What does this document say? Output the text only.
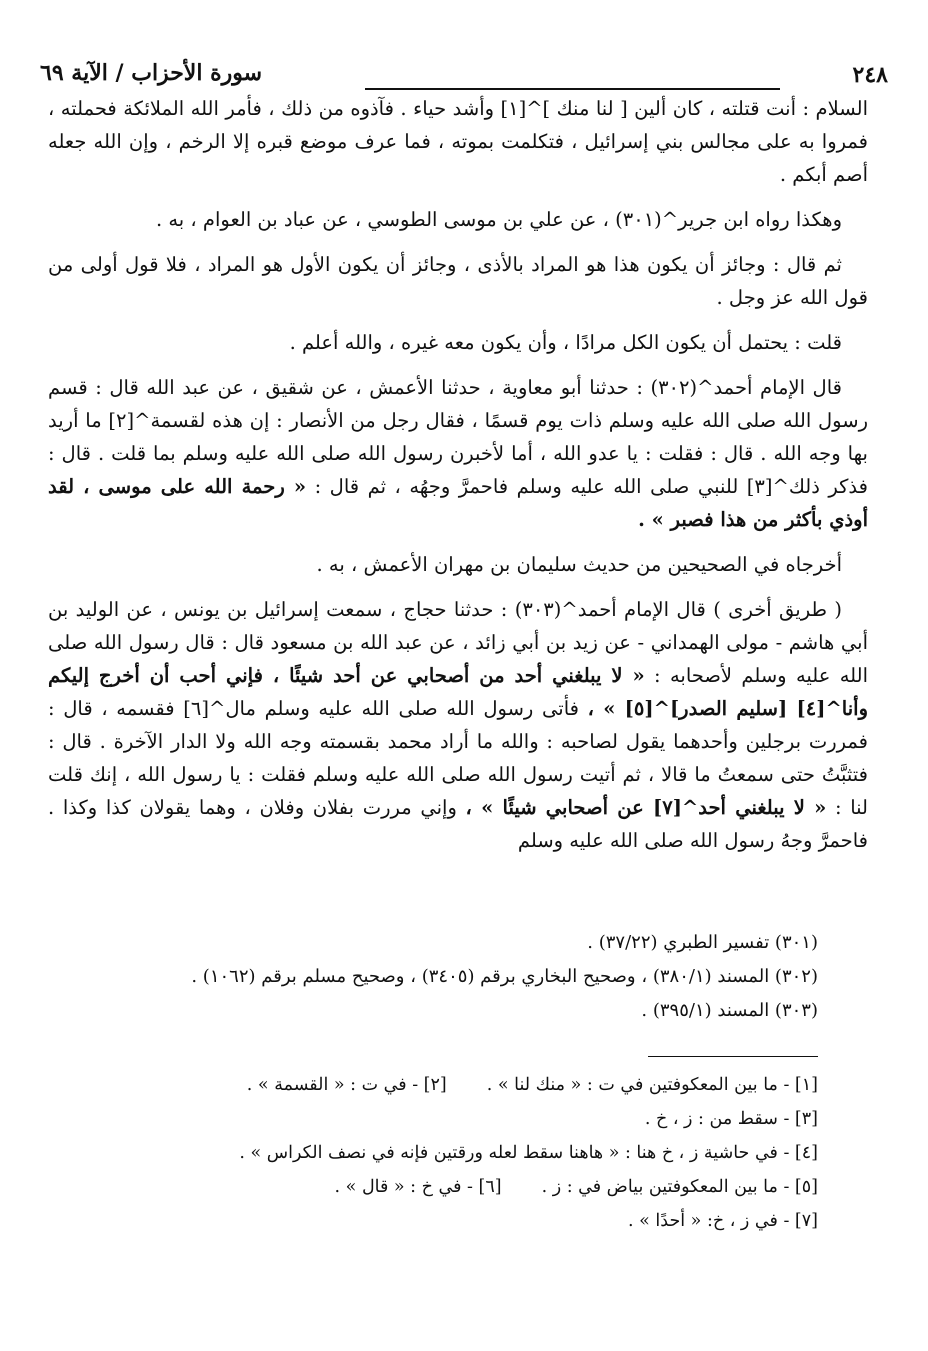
٢٤٨
سورة الأحزاب / الآية ٦٩

السلام : أنت قتلته ، كان ألين [ لنا منك ]^[١] وأشد حياء . فآذوه من ذلك ، فأمر الله الملائكة فحملته ، فمروا به على مجالس بني إسرائيل ، فتكلمت بموته ، فما عرف موضع قبره إلا الرخم ، وإن الله جعله أصم أبكم .

وهكذا رواه ابن جرير^(٣٠١) ، عن علي بن موسى الطوسي ، عن عباد بن العوام ، به .

ثم قال : وجائز أن يكون هذا هو المراد بالأذى ، وجائز أن يكون الأول هو المراد ، فلا قول أولى من قول الله عز وجل .

قلت : يحتمل أن يكون الكل مرادًا ، وأن يكون معه غيره ، والله أعلم .

قال الإمام أحمد^(٣٠٢) : حدثنا أبو معاوية ، حدثنا الأعمش ، عن شقيق ، عن عبد الله قال : قسم رسول الله صلى الله عليه وسلم ذات يوم قسمًا ، فقال رجل من الأنصار : إن هذه لقسمة^[٢] ما أريد بها وجه الله . قال : فقلت : يا عدو الله ، أما لأخبرن رسول الله صلى الله عليه وسلم بما قلت . قال : فذكر ذلك^[٣] للنبي صلى الله عليه وسلم فاحمرَّ وجهُه ، ثم قال : « رحمة الله على موسى ، لقد أوذي بأكثر من هذا فصبر » .

أخرجاه في الصحيحين من حديث سليمان بن مهران الأعمش ، به .

( طريق أخرى ) قال الإمام أحمد^(٣٠٣) : حدثنا حجاج ، سمعت إسرائيل بن يونس ، عن الوليد بن أبي هاشم - مولى الهمداني - عن زيد بن أبي زائد ، عن عبد الله بن مسعود قال : قال رسول الله صلى الله عليه وسلم لأصحابه : « لا يبلغني أحد من أصحابي عن أحد شيئًا ، فإني أحب أن أخرج إليكم وأنا^[٤] [سليم الصدر]^[٥] » ، فأتى رسول الله صلى الله عليه وسلم مال^[٦] فقسمه ، قال : فمررت برجلين وأحدهما يقول لصاحبه : والله ما أراد محمد بقسمته وجه الله ولا الدار الآخرة . قال : فتثبَّتُ حتى سمعتُ ما قالا ، ثم أتيت رسول الله صلى الله عليه وسلم فقلت : يا رسول الله ، إنك قلت لنا : « لا يبلغني أحد^[٧] عن أصحابي شيئًا » ، وإني مررت بفلان وفلان ، وهما يقولان كذا وكذا . فاحمرَّ وجهُ رسول الله صلى الله عليه وسلم

(٣٠١) تفسير الطبري (٣٧/٢٢) .
(٣٠٢) المسند (٣٨٠/١) ، وصحيح البخاري برقم (٣٤٠٥) ، وصحيح مسلم برقم (١٠٦٢) .
(٣٠٣) المسند (٣٩٥/١) .
[١] - ما بين المعكوفتين في ت : « منك لنا » .
[٢] - في ت : « القسمة » .
[٣] - سقط من : ز ، خ .
[٤] - في حاشية ز ، خ هنا : « هاهنا سقط لعله ورقتين فإنه في نصف الكراس » .
[٥] - ما بين المعكوفتين بياض في : ز .
[٦] - في خ : « قال » .
[٧] - في ز ، خ: « أحدًا » .
